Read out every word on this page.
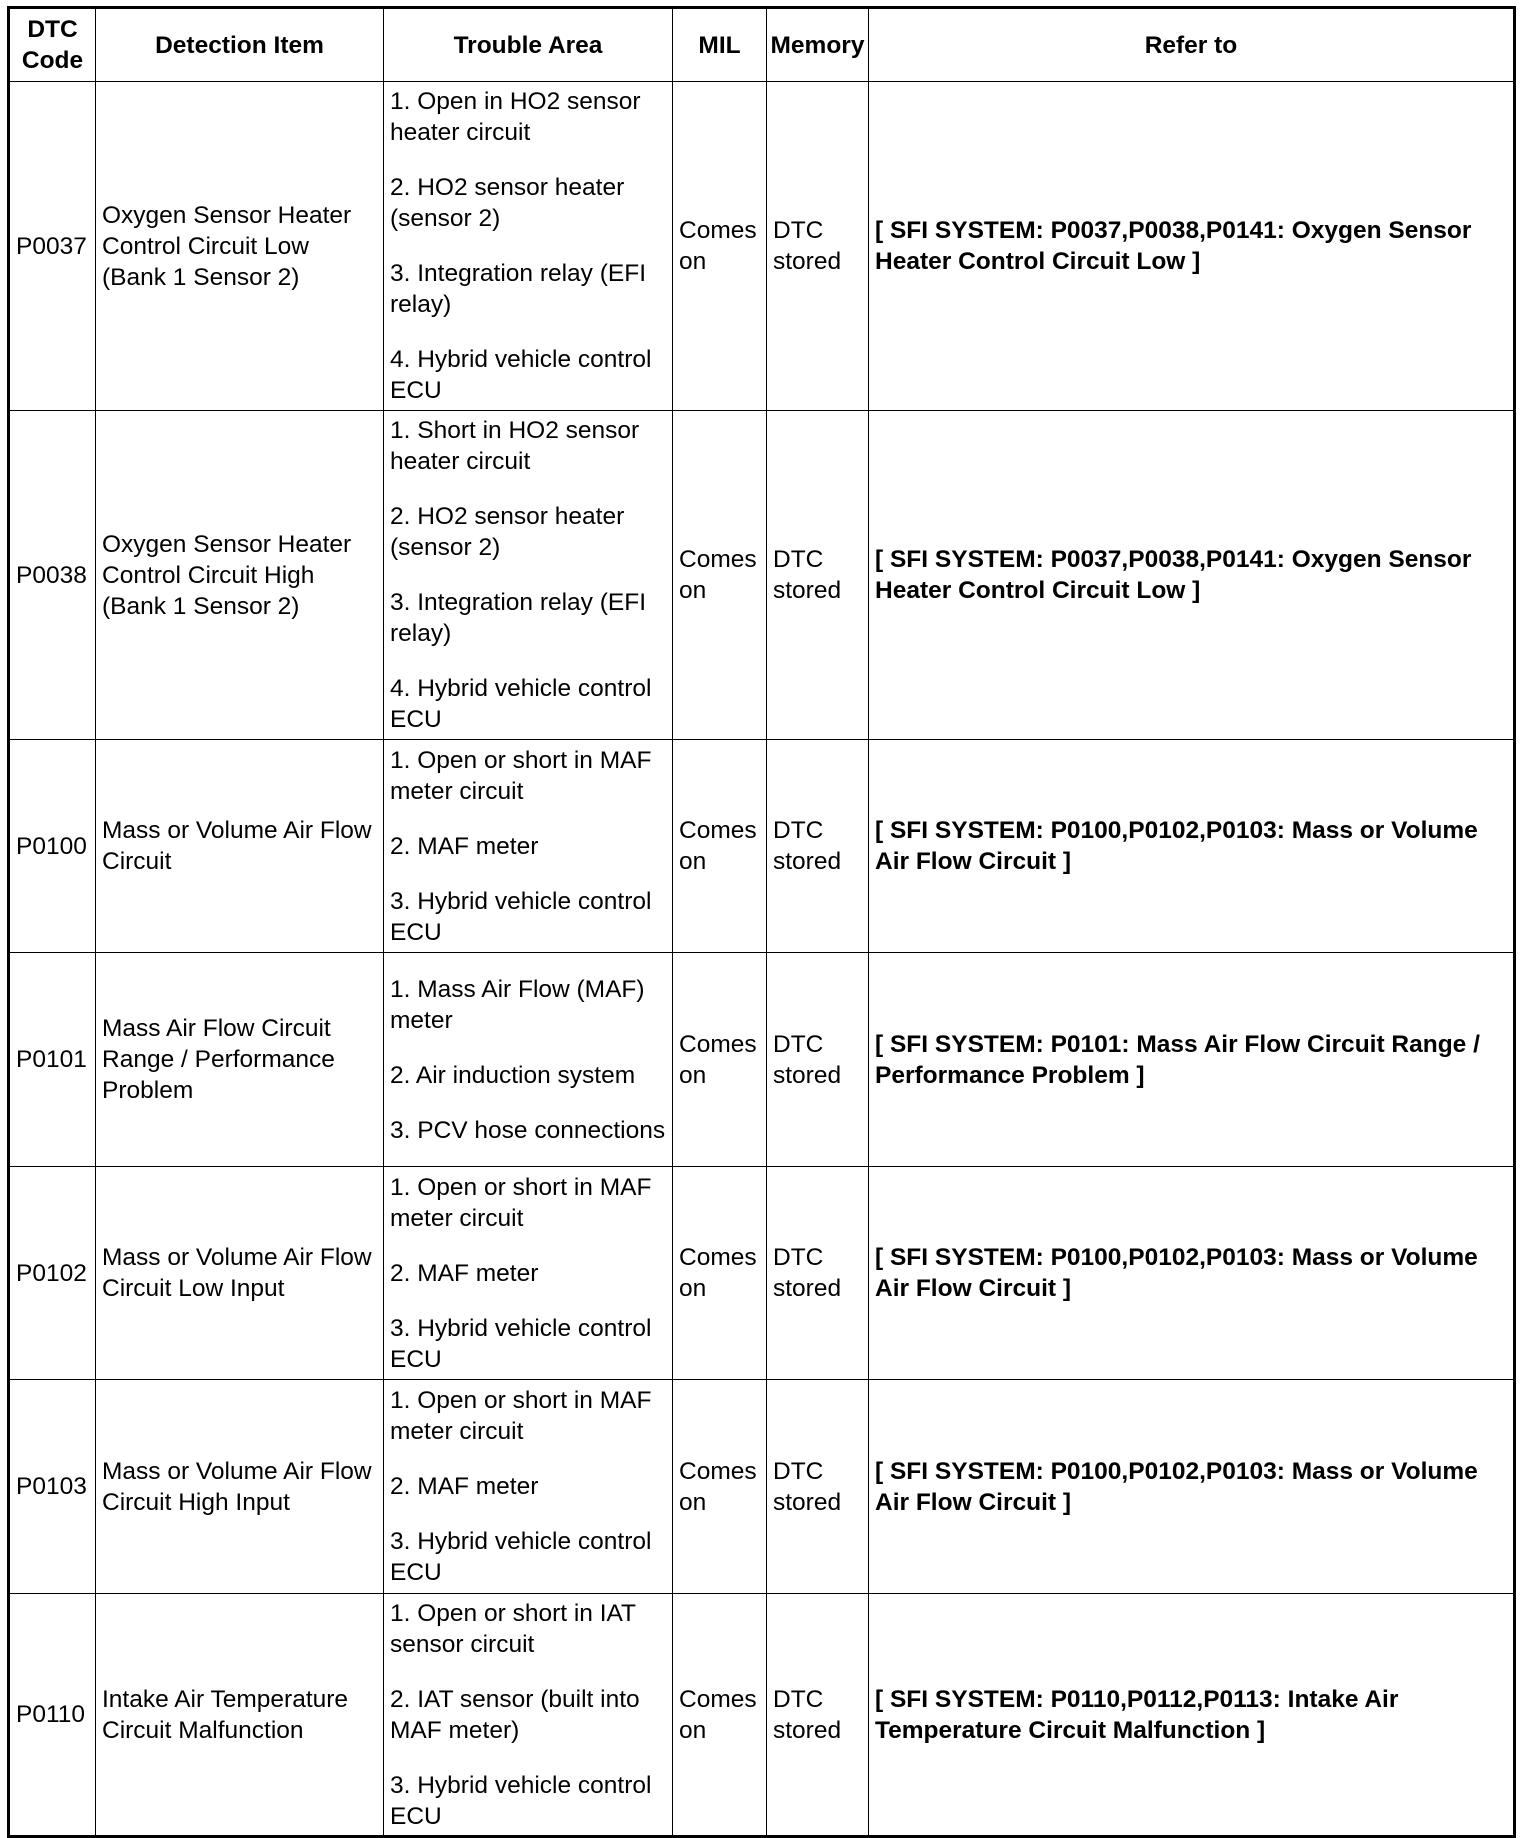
DTC
Code	Detection Item	Trouble Area	MIL	Memory	Refer to
P0037	Oxygen Sensor Heater Control Circuit Low (Bank 1 Sensor 2)	1. Open in HO2 sensor heater circuit
2. HO2 sensor heater (sensor 2)
3. Integration relay (EFI relay)
4. Hybrid vehicle control ECU	Comes on	DTC stored	[ SFI SYSTEM: P0037,P0038,P0141: Oxygen Sensor Heater Control Circuit Low ]
P0038	Oxygen Sensor Heater Control Circuit High (Bank 1 Sensor 2)	1. Short in HO2 sensor heater circuit
2. HO2 sensor heater (sensor 2)
3. Integration relay (EFI relay)
4. Hybrid vehicle control ECU	Comes on	DTC stored	[ SFI SYSTEM: P0037,P0038,P0141: Oxygen Sensor Heater Control Circuit Low ]
P0100	Mass or Volume Air Flow Circuit	1. Open or short in MAF meter circuit
2. MAF meter
3. Hybrid vehicle control ECU	Comes on	DTC stored	[ SFI SYSTEM: P0100,P0102,P0103: Mass or Volume Air Flow Circuit ]
P0101	Mass Air Flow Circuit Range / Performance Problem	1. Mass Air Flow (MAF) meter
2. Air induction system
3. PCV hose connections	Comes on	DTC stored	[ SFI SYSTEM: P0101: Mass Air Flow Circuit Range / Performance Problem ]
P0102	Mass or Volume Air Flow Circuit Low Input	1. Open or short in MAF meter circuit
2. MAF meter
3. Hybrid vehicle control ECU	Comes on	DTC stored	[ SFI SYSTEM: P0100,P0102,P0103: Mass or Volume Air Flow Circuit ]
P0103	Mass or Volume Air Flow Circuit High Input	1. Open or short in MAF meter circuit
2. MAF meter
3. Hybrid vehicle control ECU	Comes on	DTC stored	[ SFI SYSTEM: P0100,P0102,P0103: Mass or Volume Air Flow Circuit ]
P0110	Intake Air Temperature Circuit Malfunction	1. Open or short in IAT sensor circuit
2. IAT sensor (built into MAF meter)
3. Hybrid vehicle control ECU	Comes on	DTC stored	[ SFI SYSTEM: P0110,P0112,P0113: Intake Air Temperature Circuit Malfunction ]
